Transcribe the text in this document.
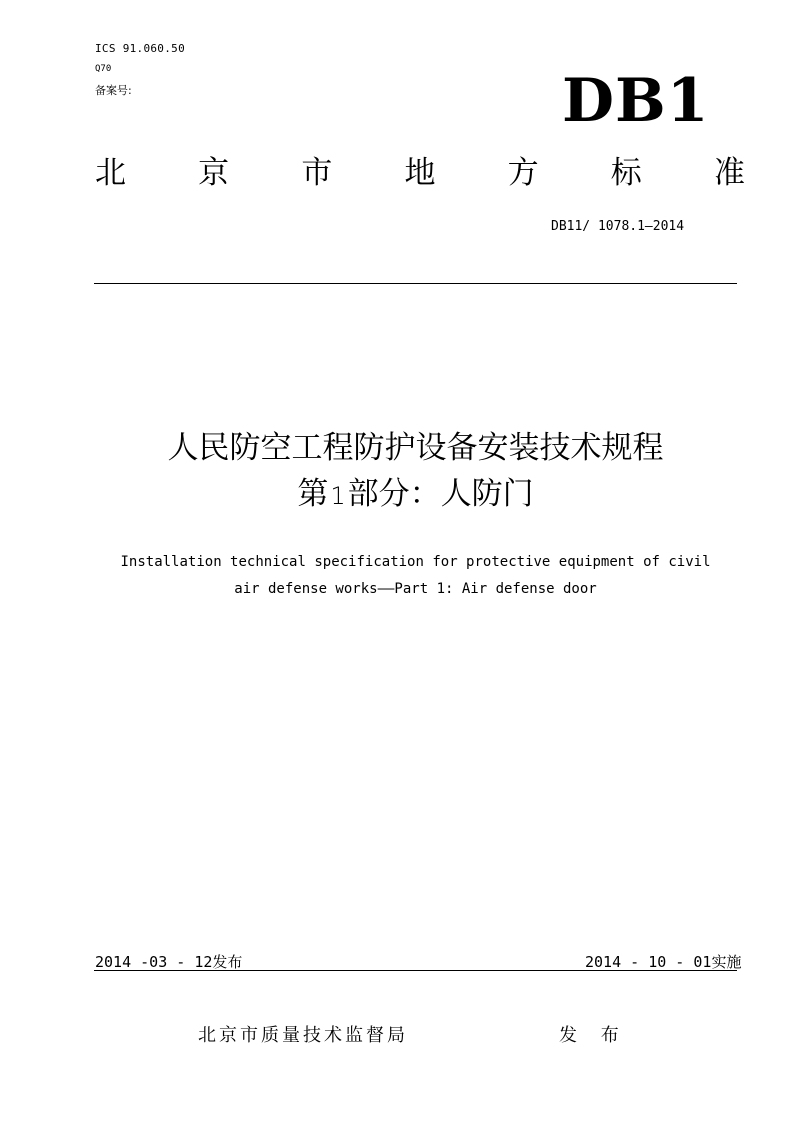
ICS 91.060.50
Q70
备案号:	DB1
北 京 市 地 方 标 准
DB11/ 1078.1—2014
人民防空工程防护设备安装技术规程
第1部分：人防门
Installation technical specification for protective equipment of civil
air defense works——Part 1: Air defense door
2014 -03 - 12发布	2014 - 10 - 01实施
北京市质量技术监督局	发 布
